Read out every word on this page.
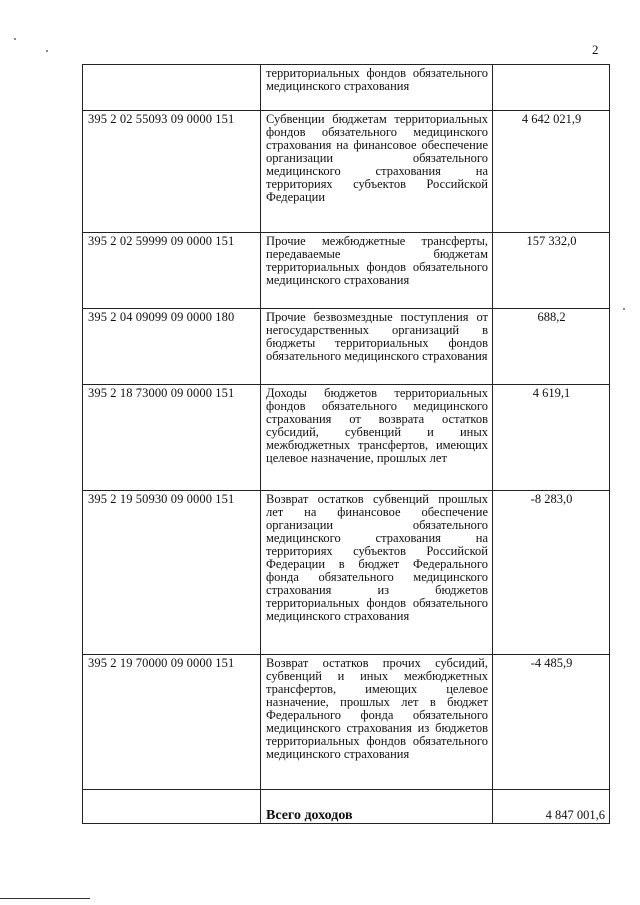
2
	территориальных фондов обязательного медицинского страхования	
395 2 02 55093 09 0000 151	Субвенции бюджетам территориальных фондов обязательного медицинского страхования на финансовое обеспечение организации обязательного медицинского страхования на территориях субъектов Российской Федерации	4 642 021,9
395 2 02 59999 09 0000 151	Прочие межбюджетные трансферты, передаваемые бюджетам территориальных фондов обязательного медицинского страхования	157 332,0
395 2 04 09099 09 0000 180	Прочие безвозмездные поступления от негосударственных организаций в бюджеты территориальных фондов обязательного медицинского страхования	688,2
395 2 18 73000 09 0000 151	Доходы бюджетов территориальных фондов обязательного медицинского страхования от возврата остатков субсидий, субвенций и иных межбюджетных трансфертов, имеющих целевое назначение, прошлых лет	4 619,1
395 2 19 50930 09 0000 151	Возврат остатков субвенций прошлых лет на финансовое обеспечение организации обязательного медицинского страхования на территориях субъектов Российской Федерации в бюджет Федерального фонда обязательного медицинского страхования из бюджетов территориальных фондов обязательного медицинского страхования	-8 283,0
395 2 19 70000 09 0000 151	Возврат остатков прочих субсидий, субвенций и иных межбюджетных трансфертов, имеющих целевое назначение, прошлых лет в бюджет Федерального фонда обязательного медицинского страхования из бюджетов территориальных фондов обязательного медицинского страхования	-4 485,9
	Всего доходов	4 847 001,6
